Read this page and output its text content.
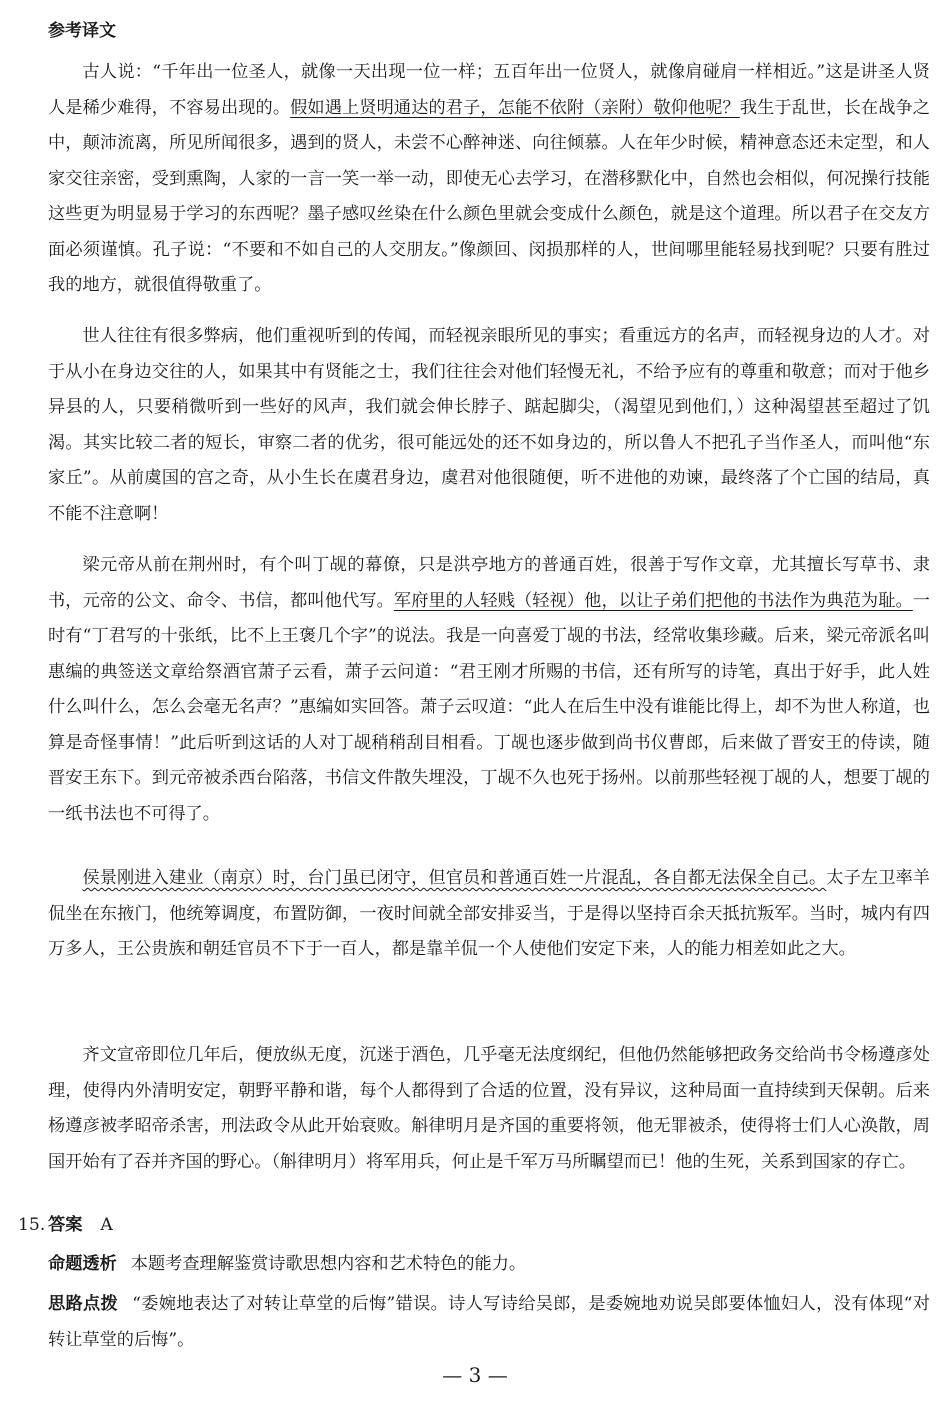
参考译文

古人说：“千年出一位圣人，就像一天出现一位一样；五百年出一位贤人，就像肩碰肩一样相近。”这是讲圣人贤人是稀少难得，不容易出现的。假如遇上贤明通达的君子，怎能不依附（亲附）敬仰他呢？我生于乱世，长在战争之中，颠沛流离，所见所闻很多，遇到的贤人，未尝不心醉神迷、向往倾慕。人在年少时候，精神意态还未定型，和人家交往亲密，受到熏陶，人家的一言一笑一举一动，即使无心去学习，在潜移默化中，自然也会相似，何况操行技能这些更为明显易于学习的东西呢？墨子感叹丝染在什么颜色里就会变成什么颜色，就是这个道理。所以君子在交友方面必须谨慎。孔子说：“不要和不如自己的人交朋友。”像颜回、闵损那样的人，世间哪里能轻易找到呢？只要有胜过我的地方，就很值得敬重了。

世人往往有很多弊病，他们重视听到的传闻，而轻视亲眼所见的事实；看重远方的名声，而轻视身边的人才。对于从小在身边交往的人，如果其中有贤能之士，我们往往会对他们轻慢无礼，不给予应有的尊重和敬意；而对于他乡异县的人，只要稍微听到一些好的风声，我们就会伸长脖子、踮起脚尖，（渴望见到他们，）这种渴望甚至超过了饥渴。其实比较二者的短长，审察二者的优劣，很可能远处的还不如身边的，所以鲁人不把孔子当作圣人，而叫他“东家丘”。从前虞国的宫之奇，从小生长在虞君身边，虞君对他很随便，听不进他的劝谏，最终落了个亡国的结局，真不能不注意啊！

梁元帝从前在荆州时，有个叫丁觇的幕僚，只是洪亭地方的普通百姓，很善于写作文章，尤其擅长写草书、隶书，元帝的公文、命令、书信，都叫他代写。军府里的人轻贱（轻视）他，以让子弟们把他的书法作为典范为耻。一时有“丁君写的十张纸，比不上王褒几个字”的说法。我是一向喜爱丁觇的书法，经常收集珍藏。后来，梁元帝派名叫惠编的典签送文章给祭酒官萧子云看，萧子云问道：“君王刚才所赐的书信，还有所写的诗笔，真出于好手，此人姓什么叫什么，怎么会毫无名声？”惠编如实回答。萧子云叹道：“此人在后生中没有谁能比得上，却不为世人称道，也算是奇怪事情！”此后听到这话的人对丁觇稍稍刮目相看。丁觇也逐步做到尚书仪曹郎，后来做了晋安王的侍读，随晋安王东下。到元帝被杀西台陷落，书信文件散失埋没，丁觇不久也死于扬州。以前那些轻视丁觇的人，想要丁觇的一纸书法也不可得了。

侯景刚进入建业（南京）时，台门虽已闭守，但官员和普通百姓一片混乱，各自都无法保全自己。太子左卫率羊侃坐在东掖门，他统筹调度，布置防御，一夜时间就全部安排妥当，于是得以坚持百余天抵抗叛军。当时，城内有四万多人，王公贵族和朝廷官员不下于一百人，都是靠羊侃一个人使他们安定下来，人的能力相差如此之大。

齐文宣帝即位几年后，便放纵无度，沉迷于酒色，几乎毫无法度纲纪，但他仍然能够把政务交给尚书令杨遵彦处理，使得内外清明安定，朝野平静和谐，每个人都得到了合适的位置，没有异议，这种局面一直持续到天保朝。后来杨遵彦被孝昭帝杀害，刑法政令从此开始衰败。斛律明月是齐国的重要将领，他无罪被杀，使得将士们人心涣散，周国开始有了吞并齐国的野心。（斛律明月）将军用兵，何止是千军万马所瞩望而已！他的生死，关系到国家的存亡。

15. 答案 A

命题透析 本题考查理解鉴赏诗歌思想内容和艺术特色的能力。

思路点拨 “委婉地表达了对转让草堂的后悔”错误。诗人写诗给吴郎，是委婉地劝说吴郎要体恤妇人，没有体现“对转让草堂的后悔”。

— 3 —
